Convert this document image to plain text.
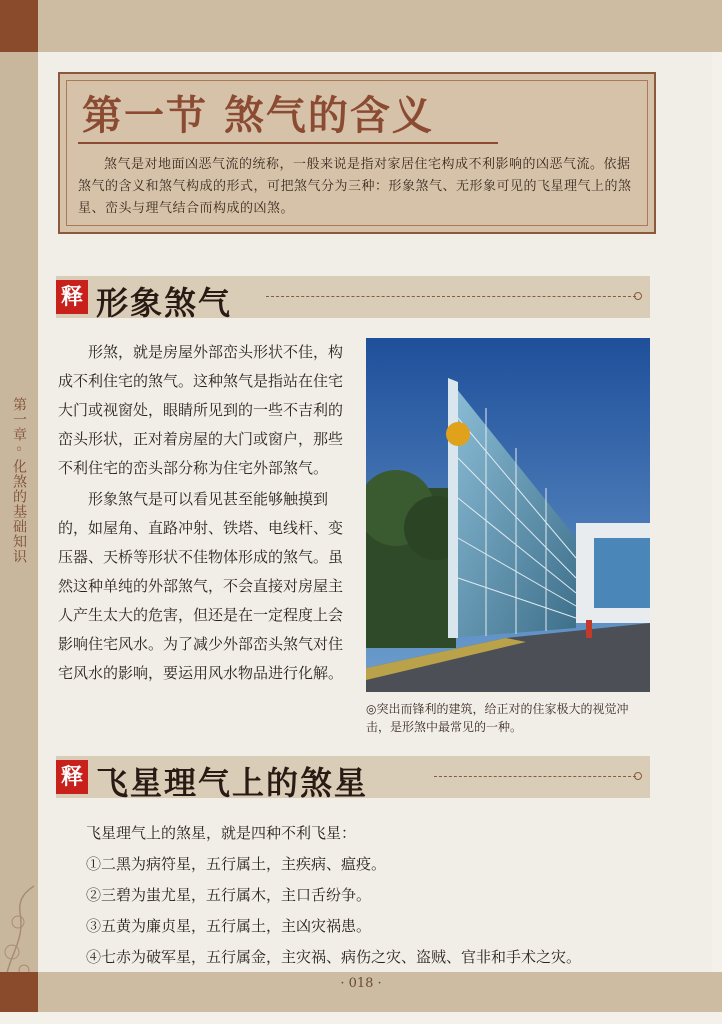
第一章◦化煞的基础知识
第一节 煞气的含义
煞气是对地面凶恶气流的统称，一般来说是指对家居住宅构成不利影响的凶恶气流。依据煞气的含义和煞气构成的形式，可把煞气分为三种：形象煞气、无形象可见的飞星理气上的煞星、峦头与理气结合而构成的凶煞。
释 形象煞气

形煞，就是房屋外部峦头形状不佳，构成不利住宅的煞气。这种煞气是指站在住宅大门或视窗处，眼睛所见到的一些不吉利的峦头形状，正对着房屋的大门或窗户，那些不利住宅的峦头部分称为住宅外部煞气。

形象煞气是可以看见甚至能够触摸到的，如屋角、直路冲射、铁塔、电线杆、变压器、天桥等形状不佳物体形成的煞气。虽然这种单纯的外部煞气，不会直接对房屋主人产生太大的危害，但还是在一定程度上会影响住宅风水。为了减少外部峦头煞气对住宅风水的影响，要运用风水物品进行化解。

◎突出而锋利的建筑，给正对的住家极大的视觉冲击，是形煞中最常见的一种。
释 飞星理气上的煞星
飞星理气上的煞星，就是四种不利飞星：
①二黑为病符星，五行属土，主疾病、瘟疫。
②三碧为蚩尤星，五行属木，主口舌纷争。
③五黄为廉贞星，五行属土，主凶灾祸患。
④七赤为破军星，五行属金，主灾祸、病伤之灾、盗贼、官非和手术之灾。
· 018 ·
